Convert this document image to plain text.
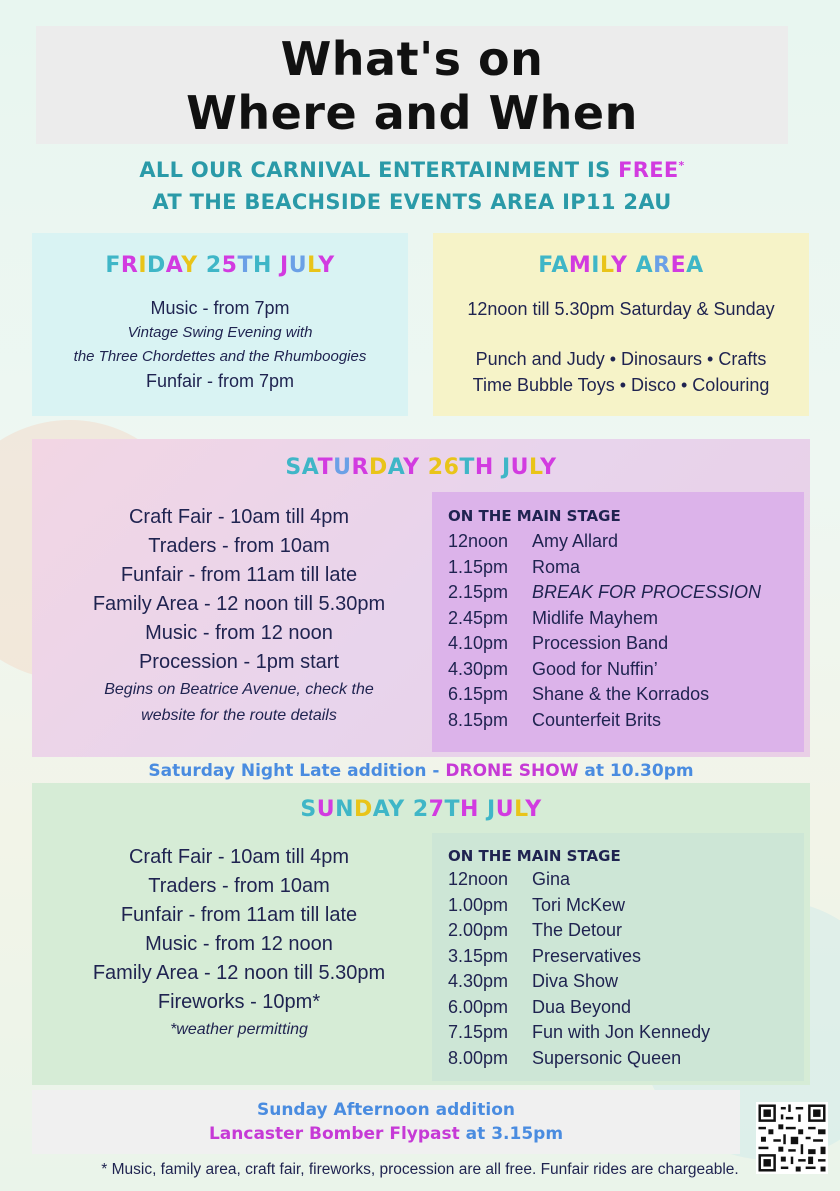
What's on
Where and When
ALL OUR CARNIVAL ENTERTAINMENT IS FREE*
AT THE BEACHSIDE EVENTS AREA IP11 2AU
FRIDAY 25TH JULY
Music - from 7pm
Vintage Swing Evening with
the Three Chordettes and the Rhumboogies
Funfair - from 7pm
FAMILY AREA
12noon till 5.30pm Saturday & Sunday
Punch and Judy • Dinosaurs • Crafts
Time Bubble Toys • Disco • Colouring
SATURDAY 26TH JULY
Craft Fair - 10am till 4pm
Traders - from 10am
Funfair - from 11am till late
Family Area - 12 noon till 5.30pm
Music - from 12 noon
Procession - 1pm start
Begins on Beatrice Avenue, check the
website for the route details
ON THE MAIN STAGE
12noon	Amy Allard
1.15pm	Roma
2.15pm	BREAK FOR PROCESSION
2.45pm	Midlife Mayhem
4.10pm	Procession Band
4.30pm	Good for Nuffin’
6.15pm	Shane & the Korrados
8.15pm	Counterfeit Brits
Saturday Night Late addition - DRONE SHOW at 10.30pm
SUNDAY 27TH JULY
Craft Fair - 10am till 4pm
Traders - from 10am
Funfair - from 11am till late
Music - from 12 noon
Family Area - 12 noon till 5.30pm
Fireworks - 10pm*
*weather permitting
ON THE MAIN STAGE
12noon	Gina
1.00pm	Tori McKew
2.00pm	The Detour
3.15pm	Preservatives
4.30pm	Diva Show
6.00pm	Dua Beyond
7.15pm	Fun with Jon Kennedy
8.00pm	Supersonic Queen
Sunday Afternoon addition
Lancaster Bomber Flypast at 3.15pm
* Music, family area, craft fair, fireworks, procession are all free. Funfair rides are chargeable.
